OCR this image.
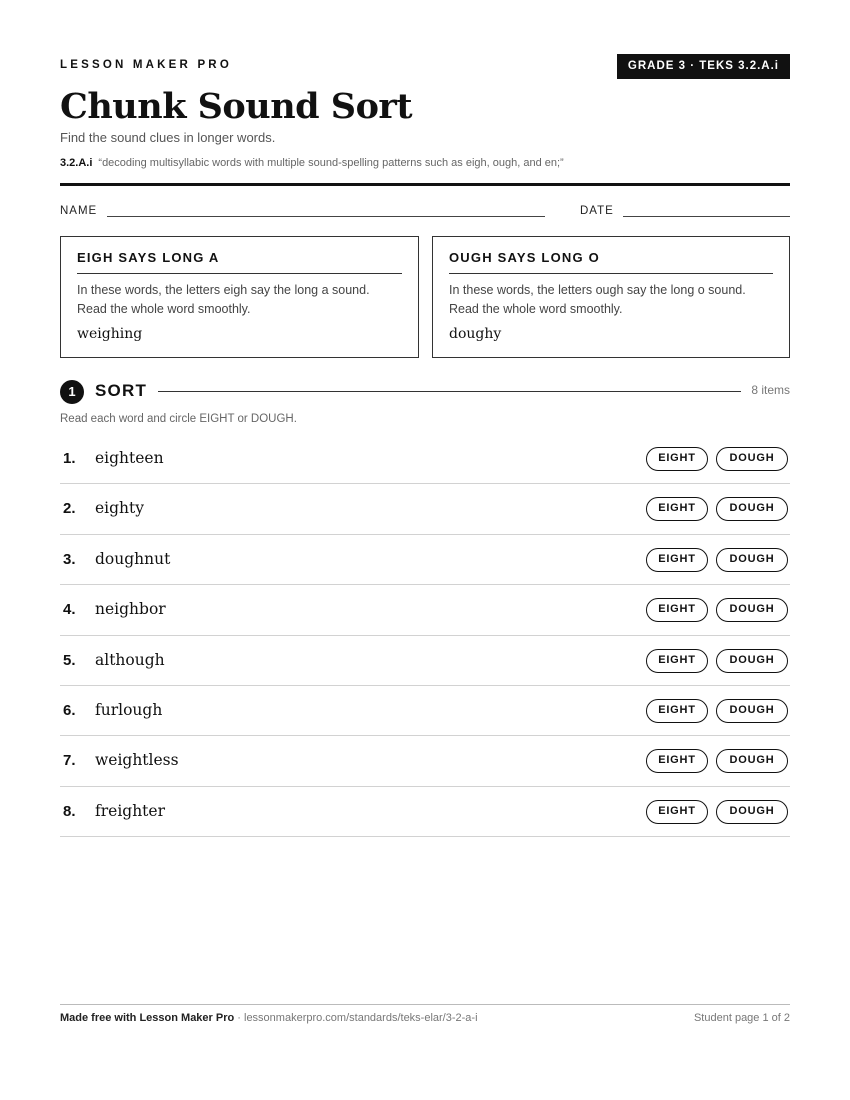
LESSON MAKER PRO	GRADE 3 · TEKS 3.2.A.i
Chunk Sound Sort
Find the sound clues in longer words.
3.2.A.i “decoding multisyllabic words with multiple sound-spelling patterns such as eigh, ough, and en;”
NAME	DATE
EIGH SAYS LONG A
In these words, the letters eigh say the long a sound. Read the whole word smoothly.
weighing
OUGH SAYS LONG O
In these words, the letters ough say the long o sound. Read the whole word smoothly.
doughy
1	SORT	8 items
Read each word and circle EIGHT or DOUGH.
1. eighteen	EIGHT	DOUGH
2. eighty	EIGHT	DOUGH
3. doughnut	EIGHT	DOUGH
4. neighbor	EIGHT	DOUGH
5. although	EIGHT	DOUGH
6. furlough	EIGHT	DOUGH
7. weightless	EIGHT	DOUGH
8. freighter	EIGHT	DOUGH
Made free with Lesson Maker Pro · lessonmakerpro.com/standards/teks-elar/3-2-a-i	Student page 1 of 2
